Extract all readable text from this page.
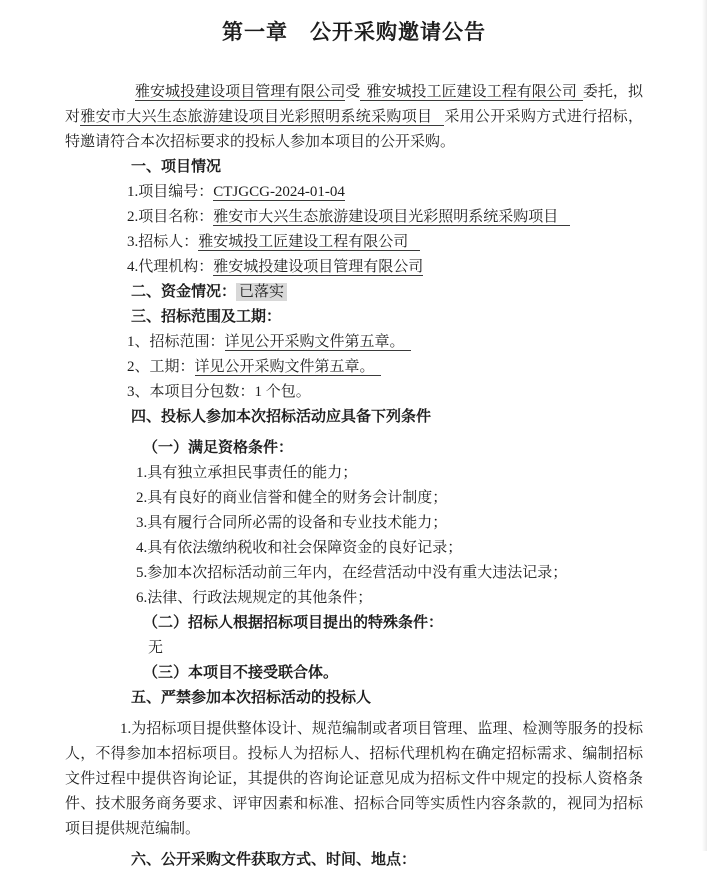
第一章　公开采购邀请公告

雅安城投建设项目管理有限公司受 雅安城投工匠建设工程有限公司 委托，拟对雅安市大兴生态旅游建设项目光彩照明系统采购项目 采用公开采购方式进行招标，特邀请符合本次招标要求的投标人参加本项目的公开采购。

一、项目情况
1.项目编号：CTJGCG-2024-01-04
2.项目名称：雅安市大兴生态旅游建设项目光彩照明系统采购项目
3.招标人：雅安城投工匠建设工程有限公司
4.代理机构：雅安城投建设项目管理有限公司
二、资金情况： 已落实
三、招标范围及工期：
1、招标范围：详见公开采购文件第五章。
2、工期：详见公开采购文件第五章。
3、本项目分包数：1 个包。
四、投标人参加本次招标活动应具备下列条件
（一）满足资格条件：
1.具有独立承担民事责任的能力；
2.具有良好的商业信誉和健全的财务会计制度；
3.具有履行合同所必需的设备和专业技术能力；
4.具有依法缴纳税收和社会保障资金的良好记录；
5.参加本次招标活动前三年内，在经营活动中没有重大违法记录；
6.法律、行政法规规定的其他条件；
（二）招标人根据招标项目提出的特殊条件：
无
（三）本项目不接受联合体。
五、严禁参加本次招标活动的投标人

1.为招标项目提供整体设计、规范编制或者项目管理、监理、检测等服务的投标人，不得参加本招标项目。投标人为招标人、招标代理机构在确定招标需求、编制招标文件过程中提供咨询论证，其提供的咨询论证意见成为招标文件中规定的投标人资格条件、技术服务商务要求、评审因素和标准、招标合同等实质性内容条款的，视同为招标项目提供规范编制。

六、公开采购文件获取方式、时间、地点：
